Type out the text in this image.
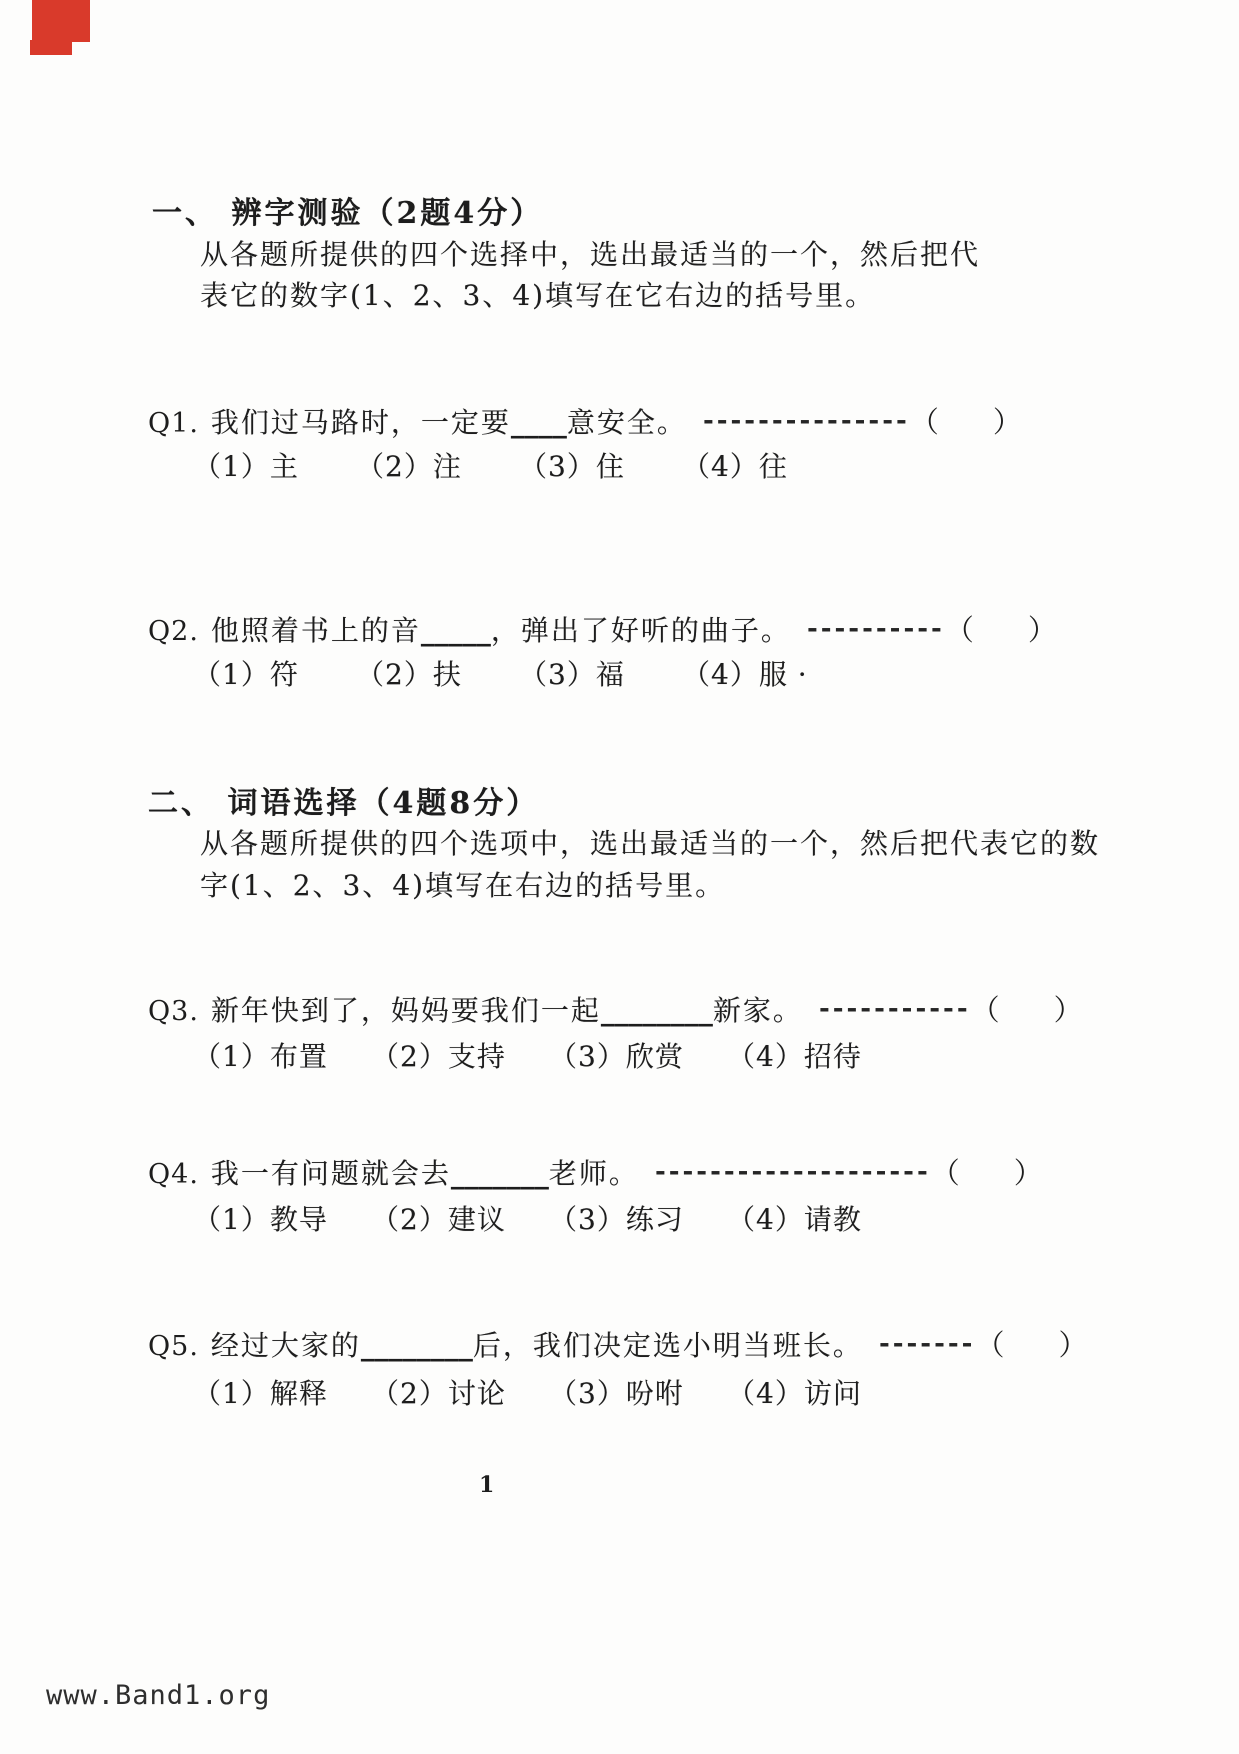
一、 辨字测验（2题4分）
从各题所提供的四个选择中，选出最适当的一个，然后把代
表它的数字(1、2、3、4)填写在它右边的括号里。
Q1. 我们过马路时，一定要 ____ 意安全。 --------------- （ ）
（1）主	（2）注	（3）住	（4）往
Q2. 他照着书上的音 _____ ，弹出了好听的曲子。 ---------- （ ）
（1）符	（2）扶	（3）福	（4）服 ·
二、 词语选择（4题8分）
从各题所提供的四个选项中，选出最适当的一个，然后把代表它的数
字(1、2、3、4)填写在右边的括号里。
Q3. 新年快到了，妈妈要我们一起 ________ 新家。 ----------- （ ）
（1）布置	（2）支持	（3）欣赏	（4）招待
Q4. 我一有问题就会去 _______ 老师。 -------------------- （ ）
（1）教导	（2）建议	（3）练习	（4）请教
Q5. 经过大家的 ________ 后，我们决定选小明当班长。 ------- （ ）
（1）解释	（2）讨论	（3）吩咐	（4）访问
1
www.Band1.org
